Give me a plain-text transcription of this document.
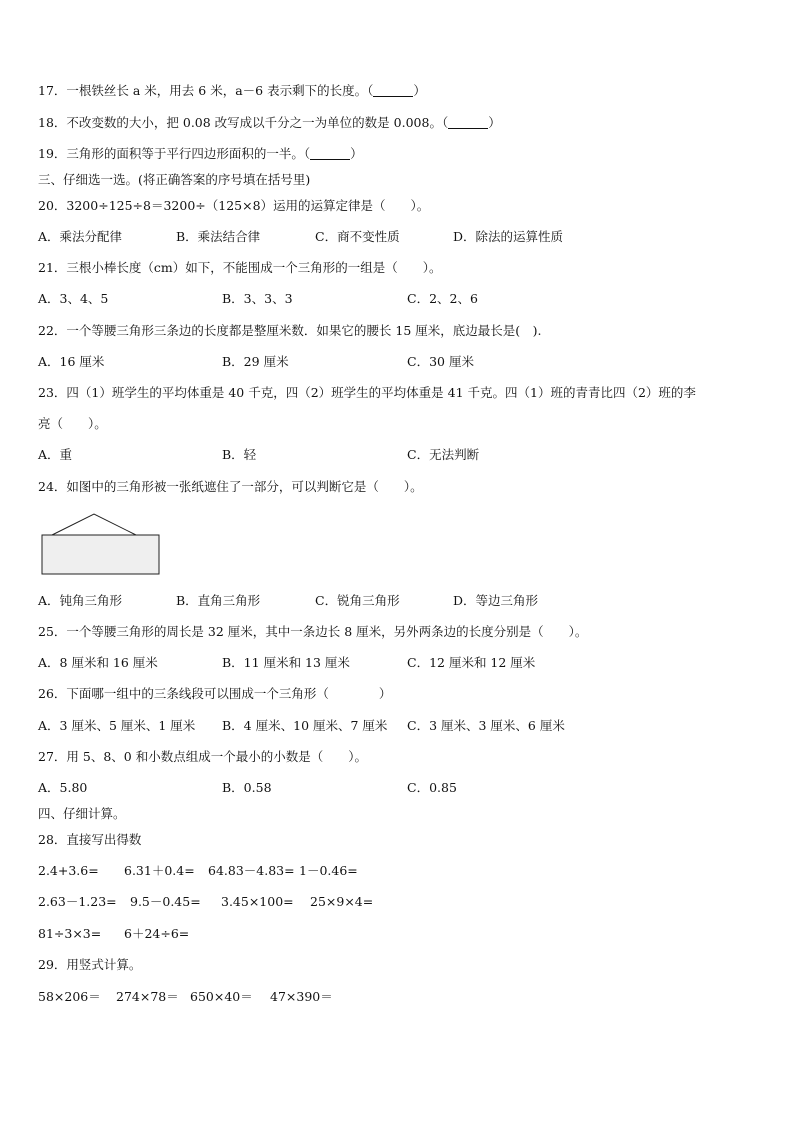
17．一根铁丝长 a 米，用去 6 米，a－6 表示剩下的长度。（	）
18．不改变数的大小，把 0.08 改写成以千分之一为单位的数是 0.008。（	）
19．三角形的面积等于平行四边形面积的一半。（	）
三、仔细选一选。(将正确答案的序号填在括号里)
20．3200÷125÷8＝3200÷（125×8）运用的运算定律是（　　）。
A．乘法分配律	B．乘法结合律	C．商不变性质	D．除法的运算性质
21．三根小棒长度（cm）如下，不能围成一个三角形的一组是（　　）。
A．3、4、5	B．3、3、3	C．2、2、6
22．一个等腰三角形三条边的长度都是整厘米数．如果它的腰长 15 厘米，底边最长是(　).
A．16 厘米	B．29 厘米	C．30 厘米
23．四（1）班学生的平均体重是 40 千克，四（2）班学生的平均体重是 41 千克。四（1）班的青青比四（2）班的李
亮（　　）。
A．重	B．轻	C．无法判断
24．如图中的三角形被一张纸遮住了一部分，可以判断它是（　　）。
A．钝角三角形	B．直角三角形	C．锐角三角形	D．等边三角形
25．一个等腰三角形的周长是 32 厘米，其中一条边长 8 厘米，另外两条边的长度分别是（　　）。
A．8 厘米和 16 厘米	B．11 厘米和 13 厘米	C．12 厘米和 12 厘米
26．下面哪一组中的三条线段可以围成一个三角形（　　　　）
A．3 厘米、5 厘米、1 厘米 B．4 厘米、10 厘米、7 厘米 C．3 厘米、3 厘米、6 厘米
27．用 5、8、0 和小数点组成一个最小的小数是（　　）。
A．5.80	B．0.58	C．0.85
四、仔细计算。
28．直接写出得数
2.4+3.6= 6.31＋0.4= 64.83－4.83= 1－0.46=
2.63－1.23= 9.5－0.45= 3.45×100= 25×9×4=
81÷3×3= 6＋24÷6=
29．用竖式计算。
58×206＝ 274×78＝ 650×40＝ 47×390＝
